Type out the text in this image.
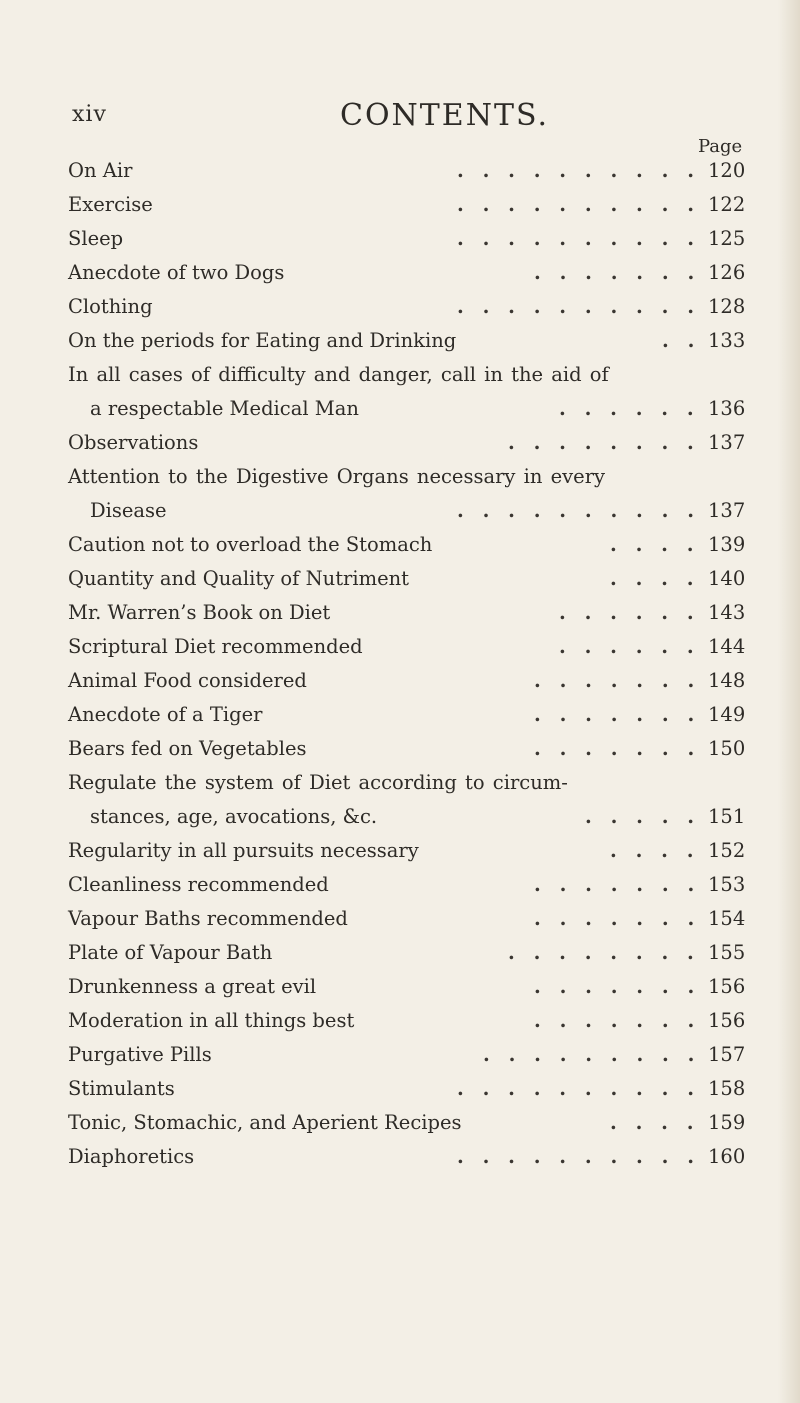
xiv	CONTENTS.
Page
On Air	. . . . . . . . . . 120
Exercise	. . . . . . . . . . 122
Sleep	. . . . . . . . . . 125
Anecdote of two Dogs	. . . . . . . 126
Clothing	. . . . . . . . . . 128
On the periods for Eating and Drinking	. . 133
In all cases of difficulty and danger, call in the aid of
a respectable Medical Man	. . . . . . 136
Observations	. . . . . . . . 137
Attention to the Digestive Organs necessary in every
Disease	. . . . . . . . . . 137
Caution not to overload the Stomach	. . . . 139
Quantity and Quality of Nutriment	. . . . 140
Mr. Warren’s Book on Diet	. . . . . . 143
Scriptural Diet recommended	. . . . . . 144
Animal Food considered	. . . . . . . 148
Anecdote of a Tiger	. . . . . . . 149
Bears fed on Vegetables	. . . . . . . 150
Regulate the system of Diet according to circum-
stances, age, avocations, &c.	. . . . . 151
Regularity in all pursuits necessary	. . . . 152
Cleanliness recommended	. . . . . . . 153
Vapour Baths recommended	. . . . . . . 154
Plate of Vapour Bath	. . . . . . . . 155
Drunkenness a great evil	. . . . . . . 156
Moderation in all things best	. . . . . . . 156
Purgative Pills	. . . . . . . . . 157
Stimulants	. . . . . . . . . . 158
Tonic, Stomachic, and Aperient Recipes	. . . . 159
Diaphoretics	. . . . . . . . . . 160
